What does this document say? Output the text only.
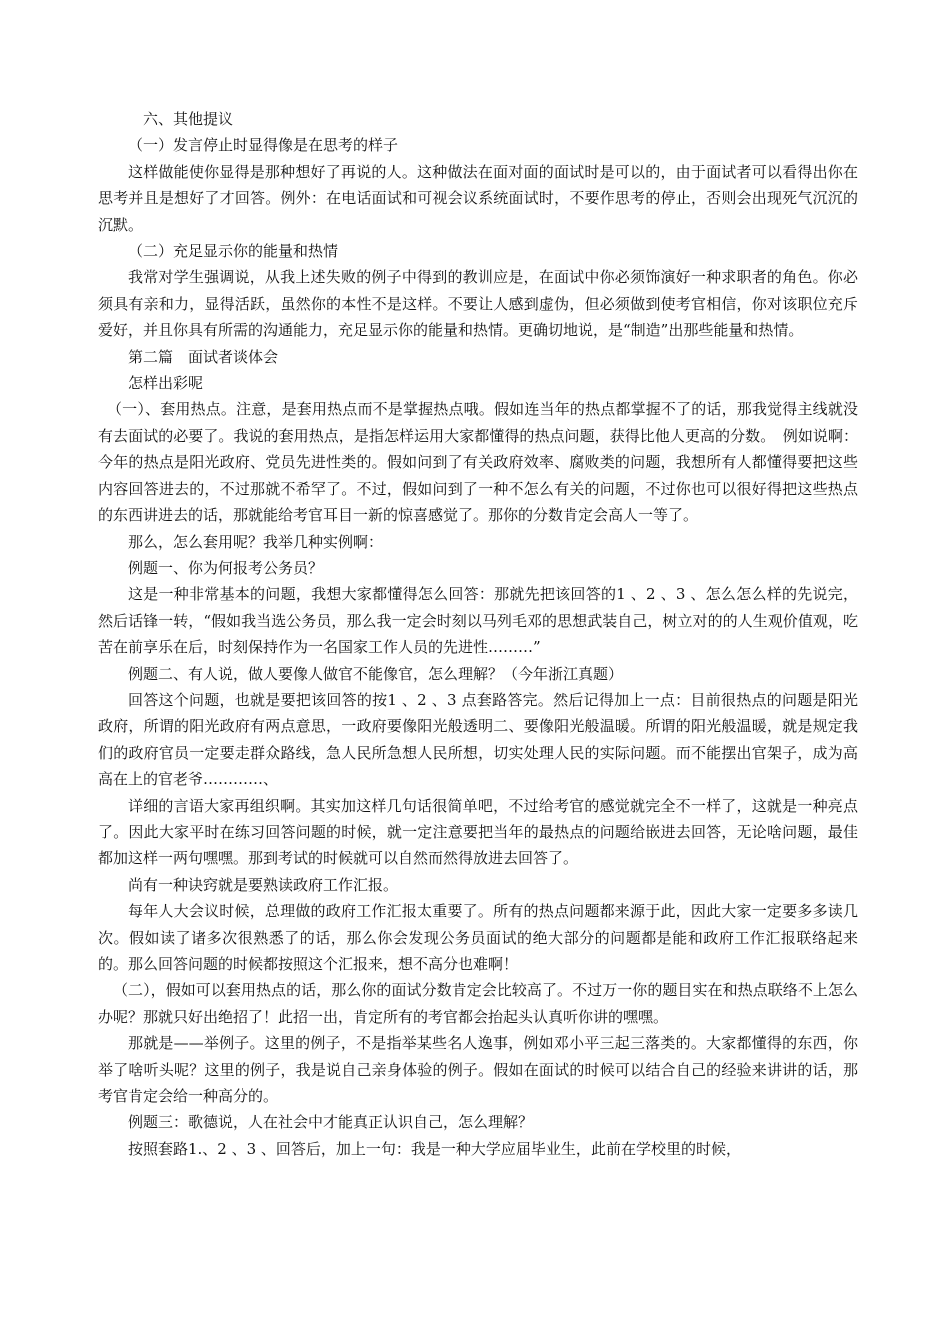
六、其他提议

（一）发言停止时显得像是在思考的样子

这样做能使你显得是那种想好了再说的人。这种做法在面对面的面试时是可以的，由于面试者可以看得出你在思考并且是想好了才回答。例外：在电话面试和可视会议系统面试时，不要作思考的停止，否则会出现死气沉沉的沉默。

（二）充足显示你的能量和热情

我常对学生强调说，从我上述失败的例子中得到的教训应是，在面试中你必须饰演好一种求职者的角色。你必须具有亲和力，显得活跃，虽然你的本性不是这样。不要让人感到虚伪，但必须做到使考官相信，你对该职位充斥爱好，并且你具有所需的沟通能力，充足显示你的能量和热情。更确切地说，是“制造”出那些能量和热情。

第二篇　面试者谈体会

怎样出彩呢

（一）、套用热点。注意，是套用热点而不是掌握热点哦。假如连当年的热点都掌握不了的话，那我觉得主线就没有去面试的必要了。我说的套用热点，是指怎样运用大家都懂得的热点问题，获得比他人更高的分数。　例如说啊：今年的热点是阳光政府、党员先进性类的。假如问到了有关政府效率、腐败类的问题，我想所有人都懂得要把这些内容回答进去的，不过那就不希罕了。不过，假如问到了一种不怎么有关的问题，不过你也可以很好得把这些热点的东西讲进去的话，那就能给考官耳目一新的惊喜感觉了。那你的分数肯定会高人一等了。

那么，怎么套用呢？我举几种实例啊：

例题一、你为何报考公务员？

这是一种非常基本的问题，我想大家都懂得怎么回答：那就先把该回答的1 、2 、3 、怎么怎么样的先说完，然后话锋一转，“假如我当选公务员，那么我一定会时刻以马列毛邓的思想武装自己，树立对的的人生观价值观，吃苦在前享乐在后，时刻保持作为一名国家工作人员的先进性………”

例题二、有人说，做人要像人做官不能像官，怎么理解？（今年浙江真题）

回答这个问题，也就是要把该回答的按1 、2 、3 点套路答完。然后记得加上一点：目前很热点的问题是阳光政府，所谓的阳光政府有两点意思，一政府要像阳光般透明二、要像阳光般温暖。所谓的阳光般温暖，就是规定我们的政府官员一定要走群众路线，急人民所急想人民所想，切实处理人民的实际问题。而不能摆出官架子，成为高高在上的官老爷…………、

详细的言语大家再组织啊。其实加这样几句话很简单吧，不过给考官的感觉就完全不一样了，这就是一种亮点了。因此大家平时在练习回答问题的时候，就一定注意要把当年的最热点的问题给嵌进去回答，无论啥问题，最佳都加这样一两句嘿嘿。那到考试的时候就可以自然而然得放进去回答了。

尚有一种诀窍就是要熟读政府工作汇报。

每年人大会议时候，总理做的政府工作汇报太重要了。所有的热点问题都来源于此，因此大家一定要多多读几次。假如读了诸多次很熟悉了的话，那么你会发现公务员面试的绝大部分的问题都是能和政府工作汇报联络起来的。那么回答问题的时候都按照这个汇报来，想不高分也难啊！

（二），假如可以套用热点的话，那么你的面试分数肯定会比较高了。不过万一你的题目实在和热点联络不上怎么办呢？那就只好出绝招了！此招一出，肯定所有的考官都会抬起头认真听你讲的嘿嘿。

那就是——举例子。这里的例子，不是指举某些名人逸事，例如邓小平三起三落类的。大家都懂得的东西，你举了啥听头呢？这里的例子，我是说自己亲身体验的例子。假如在面试的时候可以结合自己的经验来讲讲的话，那考官肯定会给一种高分的。

例题三：歌德说，人在社会中才能真正认识自己，怎么理解？

按照套路1.、2 、3 、回答后，加上一句：我是一种大学应届毕业生，此前在学校里的时候，
